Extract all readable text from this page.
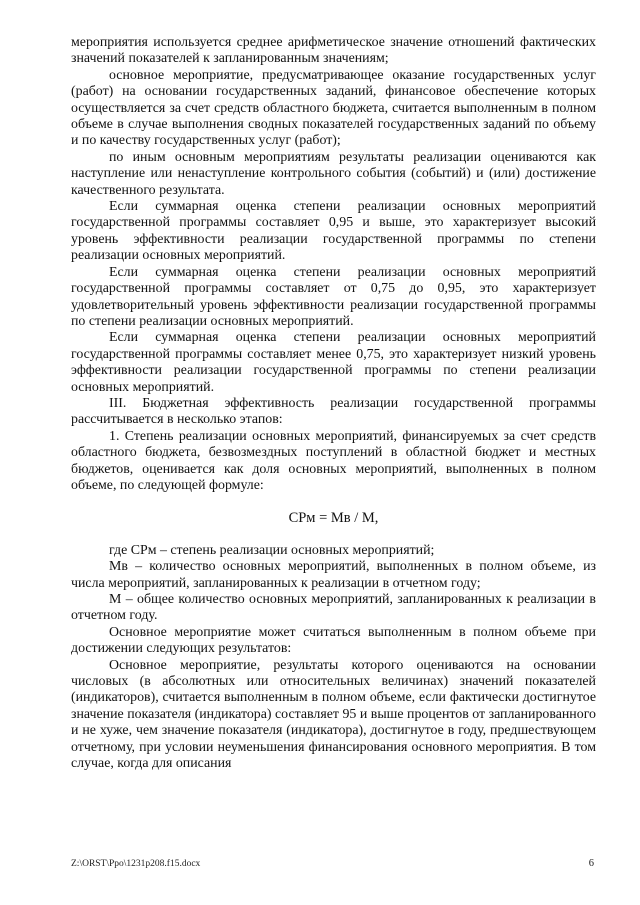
мероприятия используется среднее арифметическое значение отношений фактических значений показателей к запланированным значениям;

основное мероприятие, предусматривающее оказание государственных услуг (работ) на основании государственных заданий, финансовое обеспечение которых осуществляется за счет средств областного бюджета, считается выполненным в полном объеме в случае выполнения сводных показателей государственных заданий по объему и по качеству государственных услуг (работ);

по иным основным мероприятиям результаты реализации оцениваются как наступление или ненаступление контрольного события (событий) и (или) достижение качественного результата.

Если суммарная оценка степени реализации основных мероприятий государственной программы составляет 0,95 и выше, это характеризует высокий уровень эффективности реализации государственной программы по степени реализации основных мероприятий.

Если суммарная оценка степени реализации основных мероприятий государственной программы составляет от 0,75 до 0,95, это характеризует удовлетворительный уровень эффективности реализации государственной программы по степени реализации основных мероприятий.

Если суммарная оценка степени реализации основных мероприятий государственной программы составляет менее 0,75, это характеризует низкий уровень эффективности реализации государственной программы по степени реализации основных мероприятий.

III. Бюджетная эффективность реализации государственной программы рассчитывается в несколько этапов:

1. Степень реализации основных мероприятий, финансируемых за счет средств областного бюджета, безвозмездных поступлений в областной бюджет и местных бюджетов, оценивается как доля основных мероприятий, выполненных в полном объеме, по следующей формуле:

СРм = Мв / М,

где СРм – степень реализации основных мероприятий;

Мв – количество основных мероприятий, выполненных в полном объеме, из числа мероприятий, запланированных к реализации в отчетном году;

М – общее количество основных мероприятий, запланированных к реализации в отчетном году.

Основное мероприятие может считаться выполненным в полном объеме при достижении следующих результатов:

Основное мероприятие, результаты которого оцениваются на основании числовых (в абсолютных или относительных величинах) значений показателей (индикаторов), считается выполненным в полном объеме, если фактически достигнутое значение показателя (индикатора) составляет 95 и выше процентов от запланированного и не хуже, чем значение показателя (индикатора), достигнутое в году, предшествующем отчетному, при условии неуменьшения финансирования основного мероприятия. В том случае, когда для описания

Z:\ORST\Ppo\1231p208.f15.docx	6
